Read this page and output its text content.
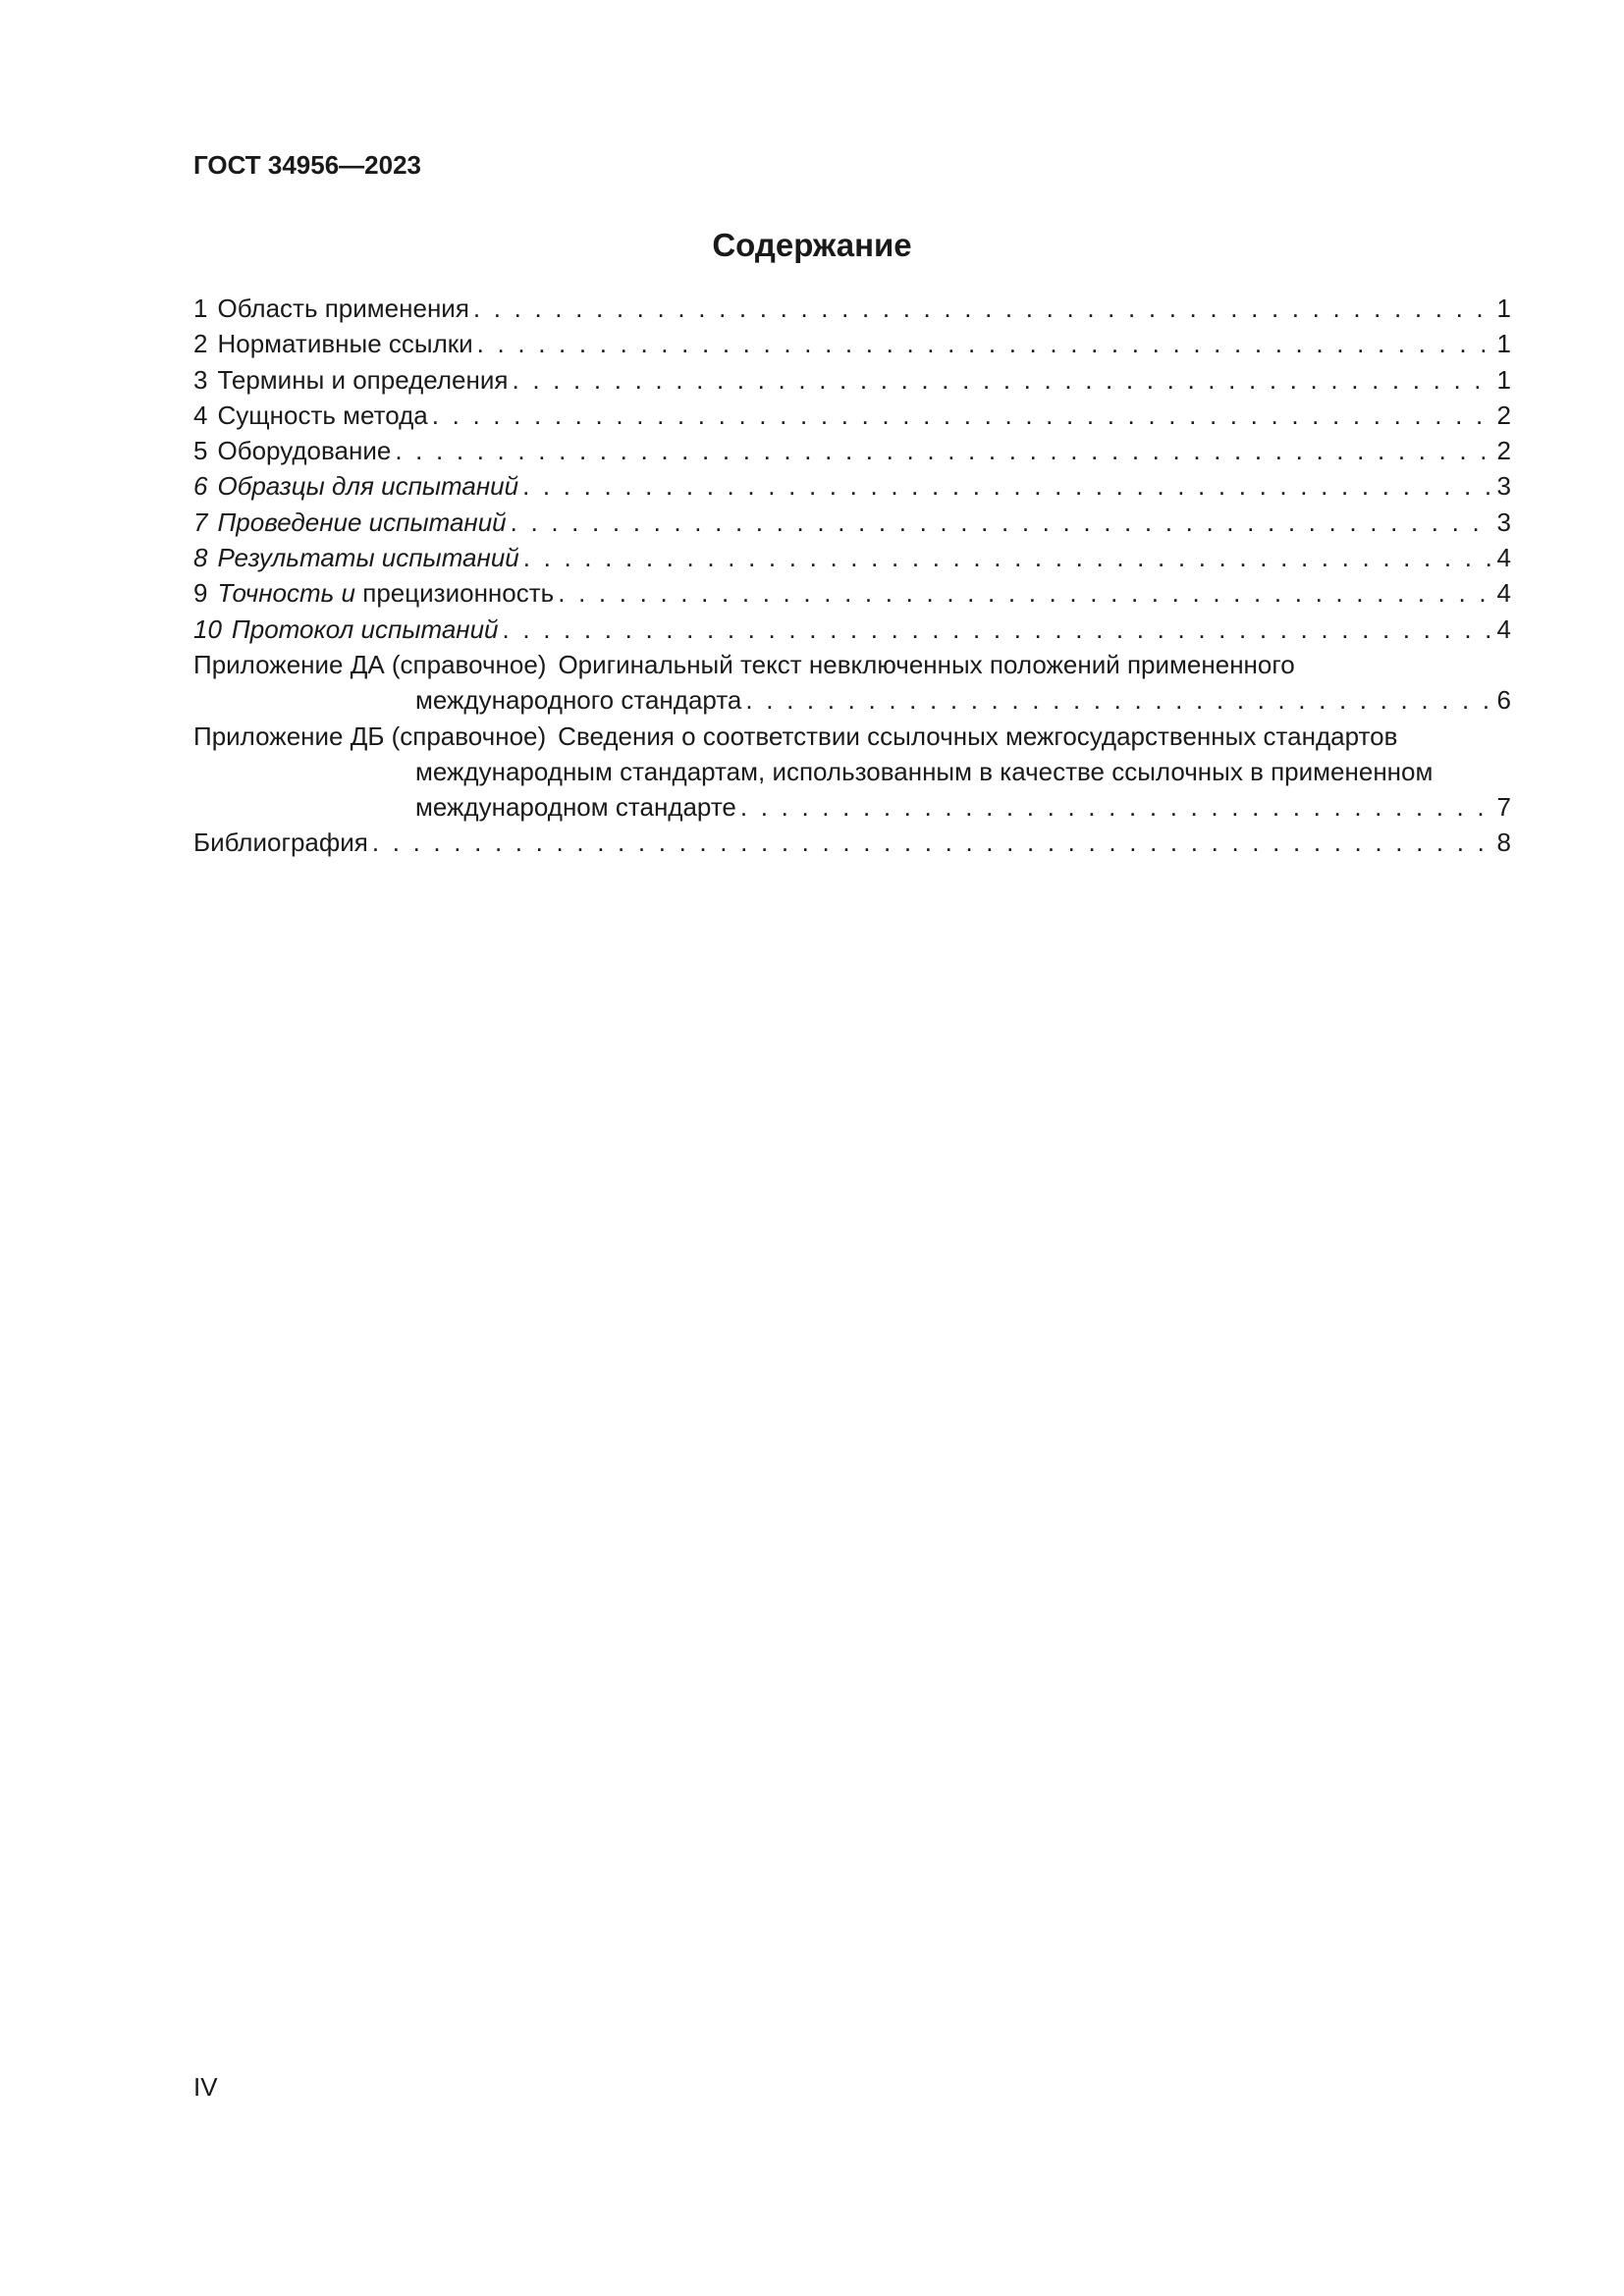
ГОСТ 34956—2023
Содержание
1 Область применения . . .	1
2 Нормативные ссылки . . .	1
3 Термины и определения . . .	1
4 Сущность метода . . .	2
5 Оборудование . . .	2
6 Образцы для испытаний . . .	3
7 Проведение испытаний . . .	3
8 Результаты испытаний . . .	4
9 Точность и прецизионность . . .	4
10 Протокол испытаний . . .	4
Приложение ДА (справочное) Оригинальный текст невключенных положений примененного
международного стандарта . . .	6
Приложение ДБ (справочное) Сведения о соответствии ссылочных межгосударственных стандартов
международным стандартам, использованным в качестве ссылочных в примененном
международном стандарте . . .	7
Библиография . . .	8
IV
